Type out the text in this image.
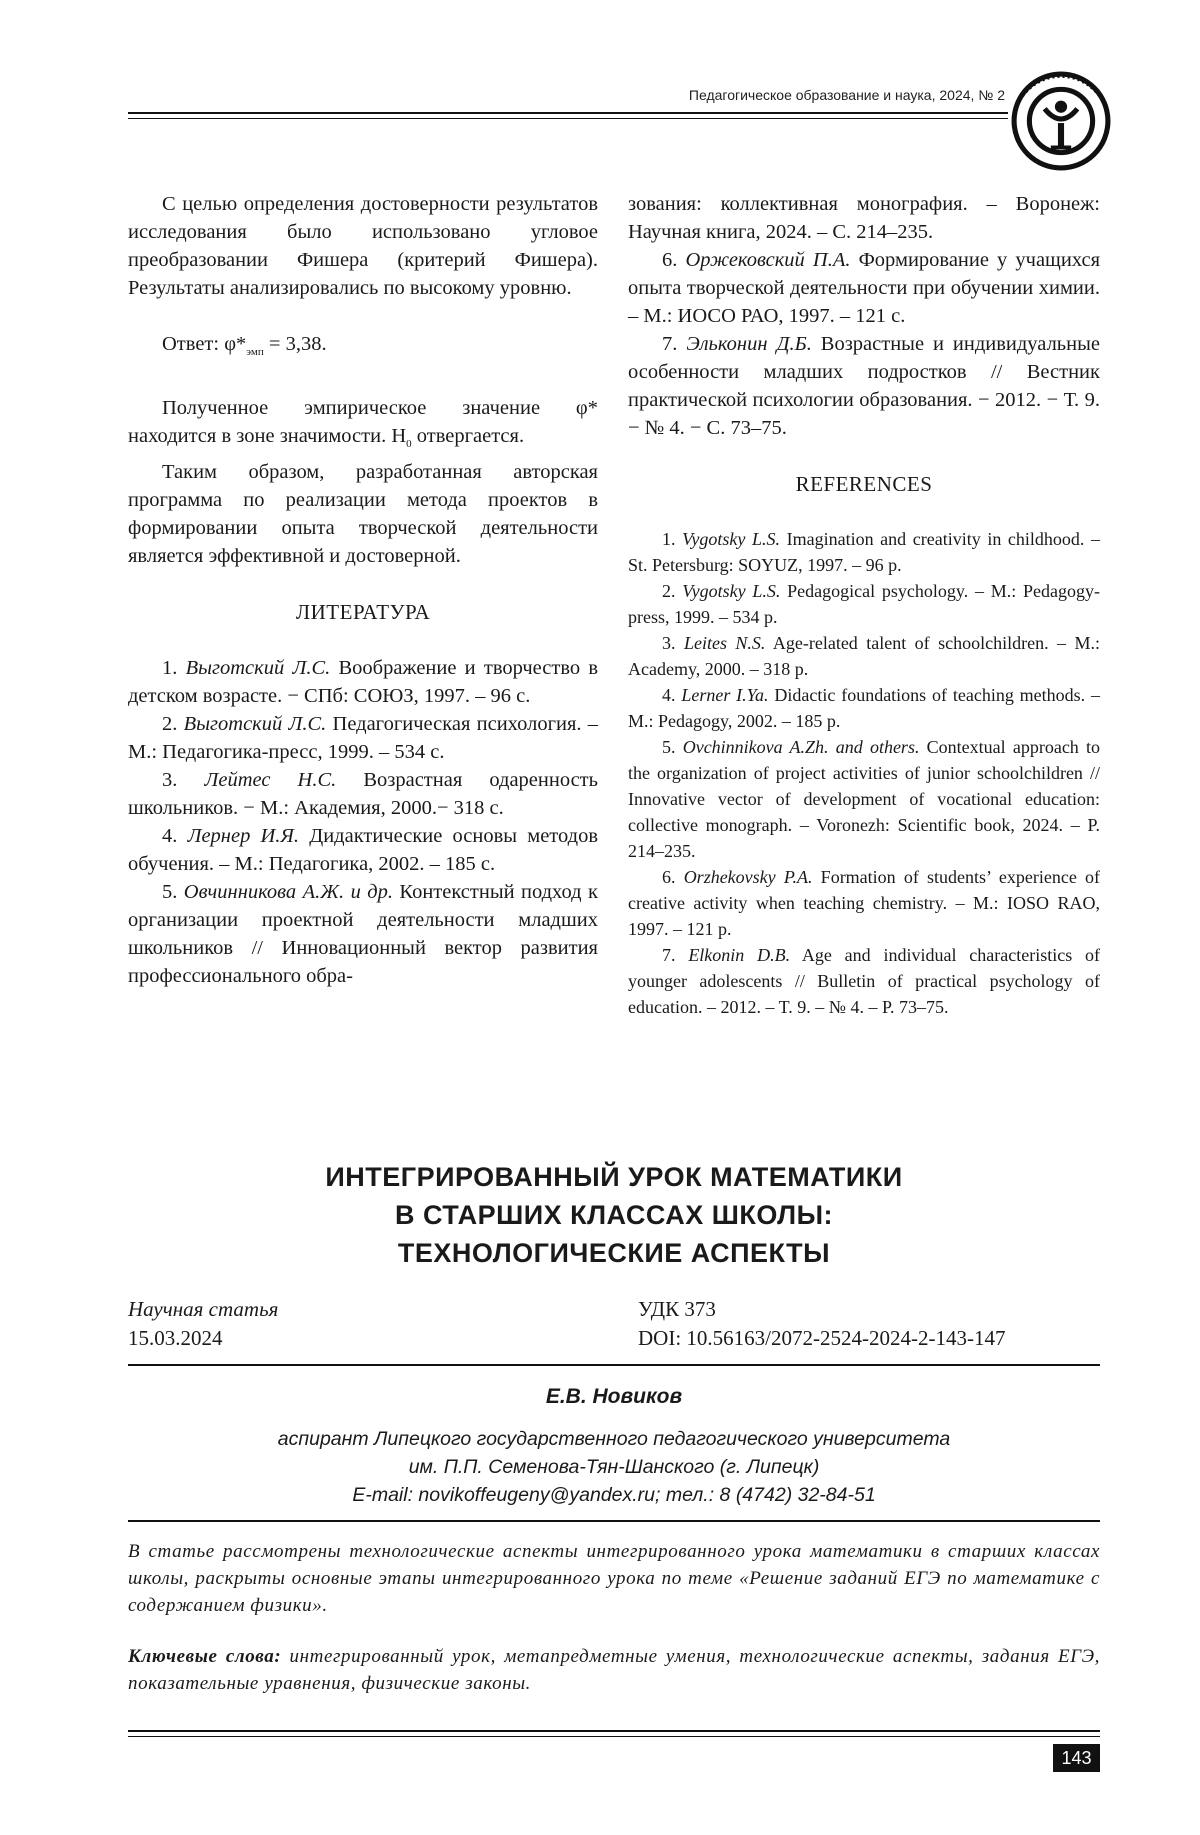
Педагогическое образование и наука, 2024, № 2

С целью определения достоверности результатов исследования было использовано угловое преобразовании Фишера (критерий Фишера). Результаты анализировались по высокому уровню.

Ответ: $\varphi*_{эмп} = 3,38$.

Полученное эмпирическое значение φ* находится в зоне значимости. $H_0$ отвергается.

Таким образом, разработанная авторская программа по реализации метода проектов в формировании опыта творческой деятельности является эффективной и достоверной.

ЛИТЕРАТУРА

1. Выготский Л.С. Воображение и творчество в детском возрасте. − СПб: СОЮЗ, 1997. – 96 с.

2. Выготский Л.С. Педагогическая психология. – М.: Педагогика-пресс, 1999. – 534 с.

3. Лейтес Н.С. Возрастная одаренность школьников. − М.: Академия, 2000.− 318 с.

4. Лернер И.Я. Дидактические основы методов обучения. – М.: Педагогика, 2002. – 185 с.

5. Овчинникова А.Ж. и др. Контекстный подход к организации проектной деятельности младших школьников // Инновационный вектор развития профессионального обра-

зования: коллективная монография. – Воронеж: Научная книга, 2024. – С. 214–235.

6. Оржековский П.А. Формирование у учащихся опыта творческой деятельности при обучении химии. – М.: ИОСО РАО, 1997. – 121 с.

7. Эльконин Д.Б. Возрастные и индивидуальные особенности младших подростков // Вестник практической психологии образования. − 2012. − Т. 9. − № 4. − С. 73–75.

REFERENCES

1. Vygotsky L.S. Imagination and creativity in childhood. – St. Petersburg: SOYUZ, 1997. – 96 p.

2. Vygotsky L.S. Pedagogical psychology. – M.: Pedagogy-press, 1999. – 534 p.

3. Leites N.S. Age-related talent of schoolchildren. – M.: Academy, 2000. – 318 p.

4. Lerner I.Ya. Didactic foundations of teaching methods. – M.: Pedagogy, 2002. – 185 p.

5. Ovchinnikova A.Zh. and others. Contextual approach to the organization of project activities of junior schoolchildren // Innovative vector of development of vocational education: collective monograph. – Voronezh: Scientific book, 2024. – P. 214–235.

6. Orzhekovsky P.A. Formation of students’ experience of creative activity when teaching chemistry. – M.: IOSO RAO, 1997. – 121 p.

7. Elkonin D.B. Age and individual characteristics of younger adolescents // Bulletin of practical psychology of education. – 2012. – T. 9. – № 4. – P. 73–75.

ИНТЕГРИРОВАННЫЙ УРОК МАТЕМАТИКИ
В СТАРШИХ КЛАССАХ ШКОЛЫ:
ТЕХНОЛОГИЧЕСКИЕ АСПЕКТЫ
Научная статья
15.03.2024
УДК 373
DOI: 10.56163/2072-2524-2024-2-143-147
Е.В. Новиков
аспирант Липецкого государственного педагогического университета
им. П.П. Семенова-Тян-Шанского (г. Липецк)
E-mail: novikoffeugeny@yandex.ru; тел.: 8 (4742) 32-84-51

В статье рассмотрены технологические аспекты интегрированного урока математики в старших классах школы, раскрыты основные этапы интегрированного урока по теме «Решение заданий ЕГЭ по математике с содержанием физики».

Ключевые слова: интегрированный урок, метапредметные умения, технологические аспекты, задания ЕГЭ, показательные уравнения, физические законы.

143
